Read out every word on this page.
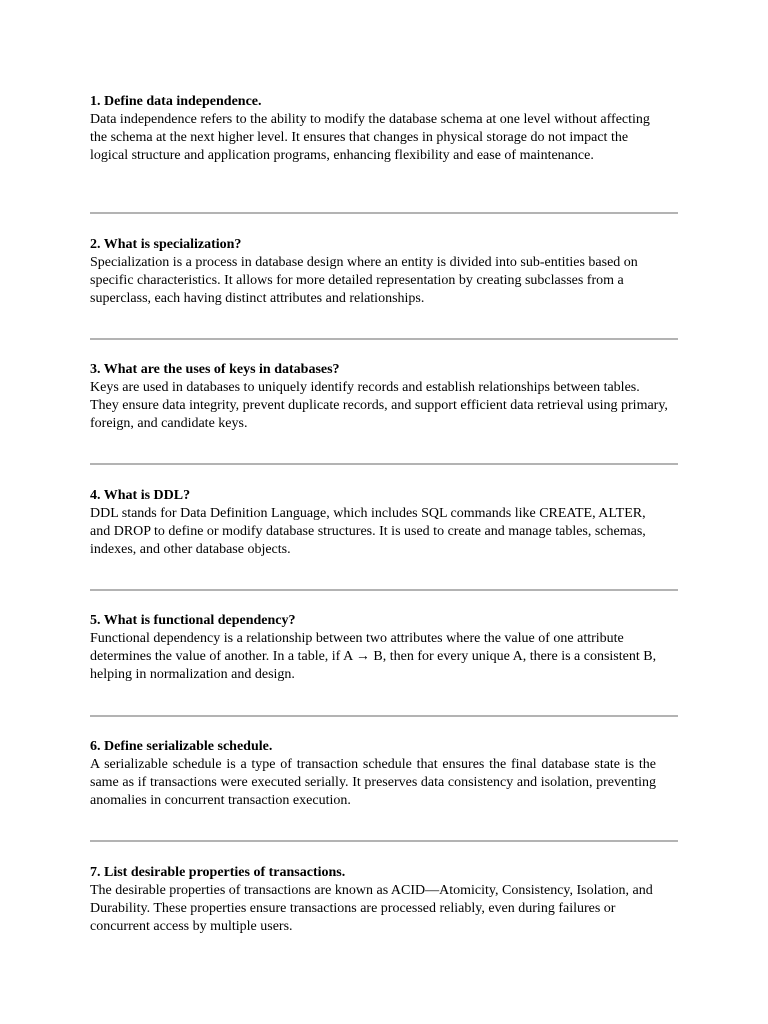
1. Define data independence.

Data independence refers to the ability to modify the database schema at one level without affecting the schema at the next higher level. It ensures that changes in physical storage do not impact the logical structure and application programs, enhancing flexibility and ease of maintenance.

2. What is specialization?

Specialization is a process in database design where an entity is divided into sub-entities based on specific characteristics. It allows for more detailed representation by creating subclasses from a superclass, each having distinct attributes and relationships.

3. What are the uses of keys in databases?

Keys are used in databases to uniquely identify records and establish relationships between tables. They ensure data integrity, prevent duplicate records, and support efficient data retrieval using primary, foreign, and candidate keys.

4. What is DDL?

DDL stands for Data Definition Language, which includes SQL commands like CREATE, ALTER, and DROP to define or modify database structures. It is used to create and manage tables, schemas, indexes, and other database objects.

5. What is functional dependency?

Functional dependency is a relationship between two attributes where the value of one attribute determines the value of another. In a table, if A → B, then for every unique A, there is a consistent B, helping in normalization and design.

6. Define serializable schedule.

A serializable schedule is a type of transaction schedule that ensures the final database state is the same as if transactions were executed serially. It preserves data consistency and isolation, preventing anomalies in concurrent transaction execution.

7. List desirable properties of transactions.

The desirable properties of transactions are known as ACID—Atomicity, Consistency, Isolation, and Durability. These properties ensure transactions are processed reliably, even during failures or concurrent access by multiple users.
